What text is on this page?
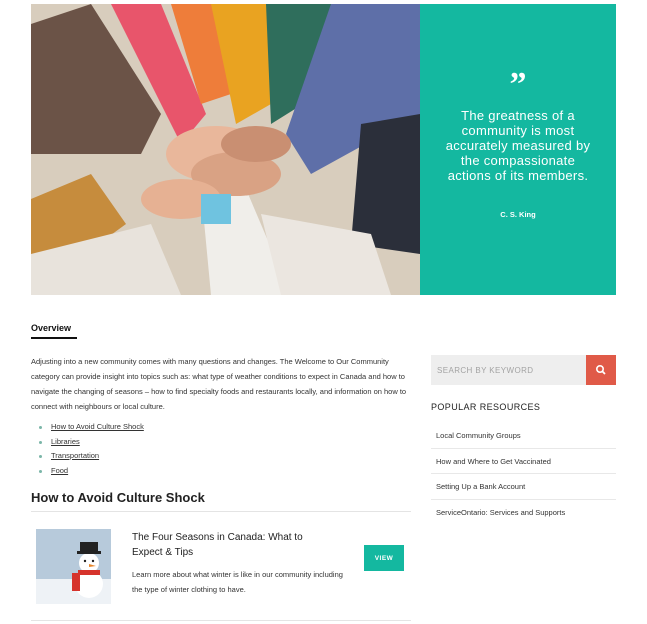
”
The greatness of a community is most accurately measured by the compassionate actions of its members.
C. S. King
Overview

Adjusting into a new community comes with many questions and changes. The Welcome to Our Community category can provide insight into topics such as: what type of weather conditions to expect in Canada and how to navigate the changing of seasons – how to find specialty foods and restaurants locally, and information on how to connect with neighbours or local culture.

How to Avoid Culture Shock
Libraries
Transportation
Food
How to Avoid Culture Shock
The Four Seasons in Canada: What to Expect & Tips
Learn more about what winter is like in our community including the type of winter clothing to have.
VIEW
SEARCH BY KEYWORD
POPULAR RESOURCES
Local Community Groups
How and Where to Get Vaccinated
Setting Up a Bank Account
ServiceOntario: Services and Supports
